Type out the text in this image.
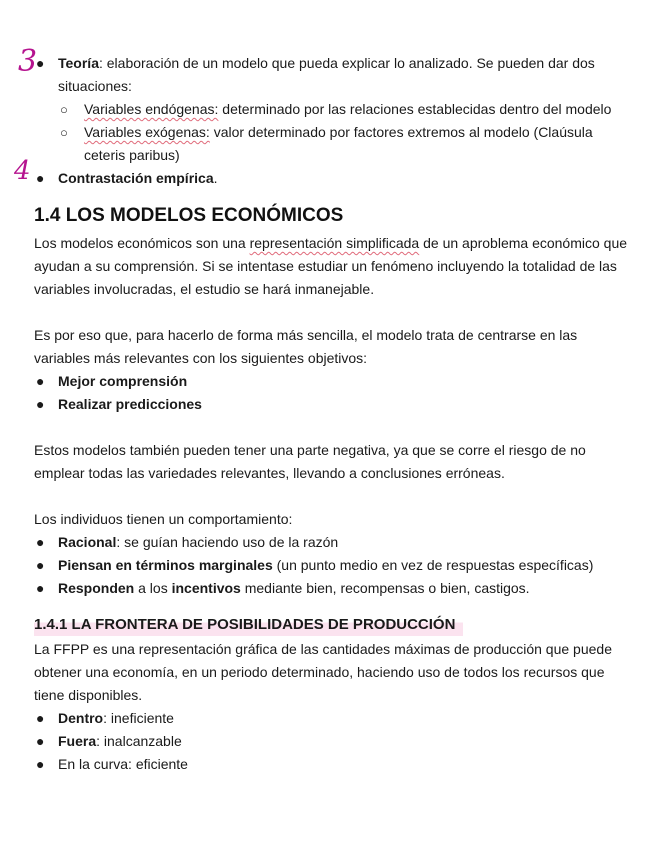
3
4
● Teoría: elaboración de un modelo que pueda explicar lo analizado. Se pueden dar dos situaciones:
○ Variables endógenas: determinado por las relaciones establecidas dentro del modelo
○ Variables exógenas: valor determinado por factores extremos al modelo (Claúsula ceteris paribus)
● Contrastación empírica.
1.4 LOS MODELOS ECONÓMICOS

Los modelos económicos son una representación simplificada de un aproblema económico que ayudan a su comprensión. Si se intentase estudiar un fenómeno incluyendo la totalidad de las variables involucradas, el estudio se hará inmanejable.

Es por eso que, para hacerlo de forma más sencilla, el modelo trata de centrarse en las variables más relevantes con los siguientes objetivos:

● Mejor comprensión
● Realizar predicciones

Estos modelos también pueden tener una parte negativa, ya que se corre el riesgo de no emplear todas las variedades relevantes, llevando a conclusiones erróneas.

Los individuos tienen un comportamiento:

● Racional: se guían haciendo uso de la razón
● Piensan en términos marginales (un punto medio en vez de respuestas específicas)
● Responden a los incentivos mediante bien, recompensas o bien, castigos.
1.4.1 LA FRONTERA DE POSIBILIDADES DE PRODUCCIÓN

La FFPP es una representación gráfica de las cantidades máximas de producción que puede obtener una economía, en un periodo determinado, haciendo uso de todos los recursos que tiene disponibles.

● Dentro: ineficiente
● Fuera: inalcanzable
● En la curva: eficiente
